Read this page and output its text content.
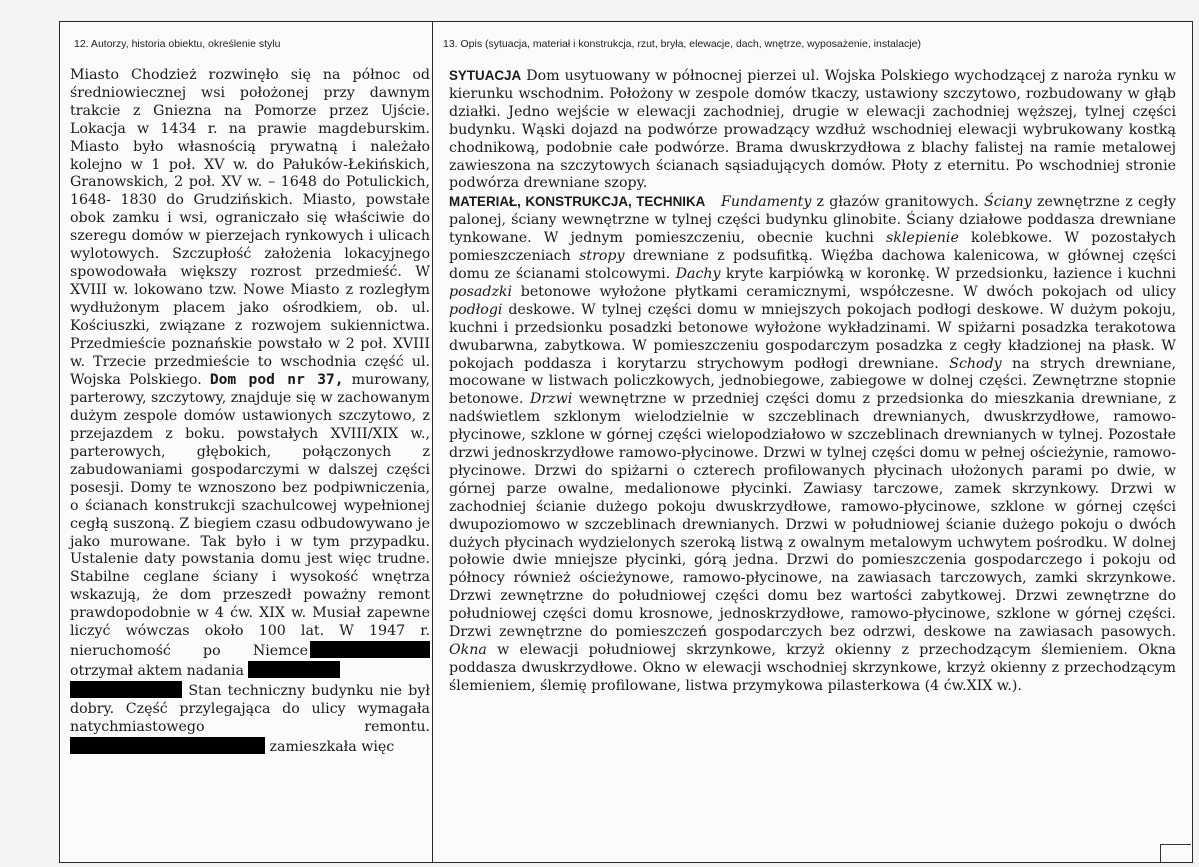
12. Autorzy, historia obiektu, określenie stylu	13. Opis (sytuacja, materiał i konstrukcja, rzut, bryła, elewacje, dach, wnętrze, wyposażenie, instalacje)

Miasto Chodzież rozwinęło się na północ od średniowiecznej wsi położonej przy dawnym trakcie z Gniezna na Pomorze przez Ujście. Lokacja w 1434 r. na prawie magdeburskim. Miasto było własnością prywatną i należało kolejno w 1 poł. XV w. do Pałuków-Łekińskich, Granowskich, 2 poł. XV w. – 1648 do Potulickich, 1648- 1830 do Grudzińskich. Miasto, powstałe obok zamku i wsi, ograniczało się właściwie do szeregu domów w pierzejach rynkowych i ulicach wylotowych. Szczupłość założenia lokacyjnego spowodowała większy rozrost przedmieść. W XVIII w. lokowano tzw. Nowe Miasto z rozległym wydłużonym placem jako ośrodkiem, ob. ul. Kościuszki, związane z rozwojem sukiennictwa. Przedmieście poznańskie powstało w 2 poł. XVIII w. Trzecie przedmieście to wschodnia część ul. Wojska Polskiego. Dom pod nr 37, murowany, parterowy, szczytowy, znajduje się w zachowanym dużym zespole domów ustawionych szczytowo, z przejazdem z boku. powstałych XVIII/XIX w., parterowych, głębokich, połączonych z zabudowaniami gospodarczymi w dalszej części posesji. Domy te wznoszono bez podpiwniczenia, o ścianach konstrukcji szachulcowej wypełnionej cegłą suszoną. Z biegiem czasu odbudowywano je jako murowane. Tak było i w tym przypadku. Ustalenie daty powstania domu jest więc trudne. Stabilne ceglane ściany i wysokość wnętrza wskazują, że dom przeszedł poważny remont prawdopodobnie w 4 ćw. XIX w. Musiał zapewne liczyć wówczas około 100 lat. W 1947 r. nieruchomość po Niemce otrzymał aktem nadania
Stan techniczny budynku nie był dobry. Część przylegająca do ulicy wymagała natychmiastowego remontu.  zamieszkała więc

SYTUACJA Dom usytuowany w północnej pierzei ul. Wojska Polskiego wychodzącej z naroża rynku w kierunku wschodnim. Położony w zespole domów tkaczy, ustawiony szczytowo, rozbudowany w głąb działki. Jedno wejście w elewacji zachodniej, drugie w elewacji zachodniej węższej, tylnej części budynku. Wąski dojazd na podwórze prowadzący wzdłuż wschodniej elewacji wybrukowany kostką chodnikową, podobnie całe podwórze. Brama dwuskrzydłowa z blachy falistej na ramie metalowej zawieszona na szczytowych ścianach sąsiadujących domów. Płoty z eternitu. Po wschodniej stronie podwórza drewniane szopy.

MATERIAŁ, KONSTRUKCJA, TECHNIKA Fundamenty z głazów granitowych. Ściany zewnętrzne z cegły palonej, ściany wewnętrzne w tylnej części budynku glinobite. Ściany działowe poddasza drewniane tynkowane. W jednym pomieszczeniu, obecnie kuchni sklepienie kolebkowe. W pozostałych pomieszczeniach stropy drewniane z podsufitką. Więźba dachowa kalenicowa, w głównej części domu ze ścianami stolcowymi. Dachy kryte karpiówką w koronkę. W przedsionku, łazience i kuchni posadzki betonowe wyłożone płytkami ceramicznymi, współczesne. W dwóch pokojach od ulicy podłogi deskowe. W tylnej części domu w mniejszych pokojach podłogi deskowe. W dużym pokoju, kuchni i przedsionku posadzki betonowe wyłożone wykładzinami. W spiżarni posadzka terakotowa dwubarwna, zabytkowa. W pomieszczeniu gospodarczym posadzka z cegły kładzionej na płask. W pokojach poddasza i korytarzu strychowym podłogi drewniane. Schody na strych drewniane, mocowane w listwach policzkowych, jednobiegowe, zabiegowe w dolnej części. Zewnętrzne stopnie betonowe. Drzwi wewnętrzne w przedniej części domu z przedsionka do mieszkania drewniane, z nadświetlem szklonym wielodzielnie w szczeblinach drewnianych, dwuskrzydłowe, ramowo-płycinowe, szklone w górnej części wielopodziałowo w szczeblinach drewnianych w tylnej. Pozostałe drzwi jednoskrzydłowe ramowo-płycinowe. Drzwi w tylnej części domu w pełnej ościeżynie, ramowo-płycinowe. Drzwi do spiżarni o czterech profilowanych płycinach ułożonych parami po dwie, w górnej parze owalne, medalionowe płycinki. Zawiasy tarczowe, zamek skrzynkowy. Drzwi w zachodniej ścianie dużego pokoju dwuskrzydłowe, ramowo-płycinowe, szklone w górnej części dwupoziomowo w szczeblinach drewnianych. Drzwi w południowej ścianie dużego pokoju o dwóch dużych płycinach wydzielonych szeroką listwą z owalnym metalowym uchwytem pośrodku. W dolnej połowie dwie mniejsze płycinki, górą jedna. Drzwi do pomieszczenia gospodarczego i pokoju od północy również ościeżynowe, ramowo-płycinowe, na zawiasach tarczowych, zamki skrzynkowe. Drzwi zewnętrzne do południowej części domu bez wartości zabytkowej. Drzwi zewnętrzne do południowej części domu krosnowe, jednoskrzydłowe, ramowo-płycinowe, szklone w górnej części. Drzwi zewnętrzne do pomieszczeń gospodarczych bez odrzwi, deskowe na zawiasach pasowych. Okna w elewacji południowej skrzynkowe, krzyż okienny z przechodzącym ślemieniem. Okna poddasza dwuskrzydłowe. Okno w elewacji wschodniej skrzynkowe, krzyż okienny z przechodzącym ślemieniem, ślemię profilowane, listwa przymykowa pilasterkowa (4 ćw.XIX w.).
